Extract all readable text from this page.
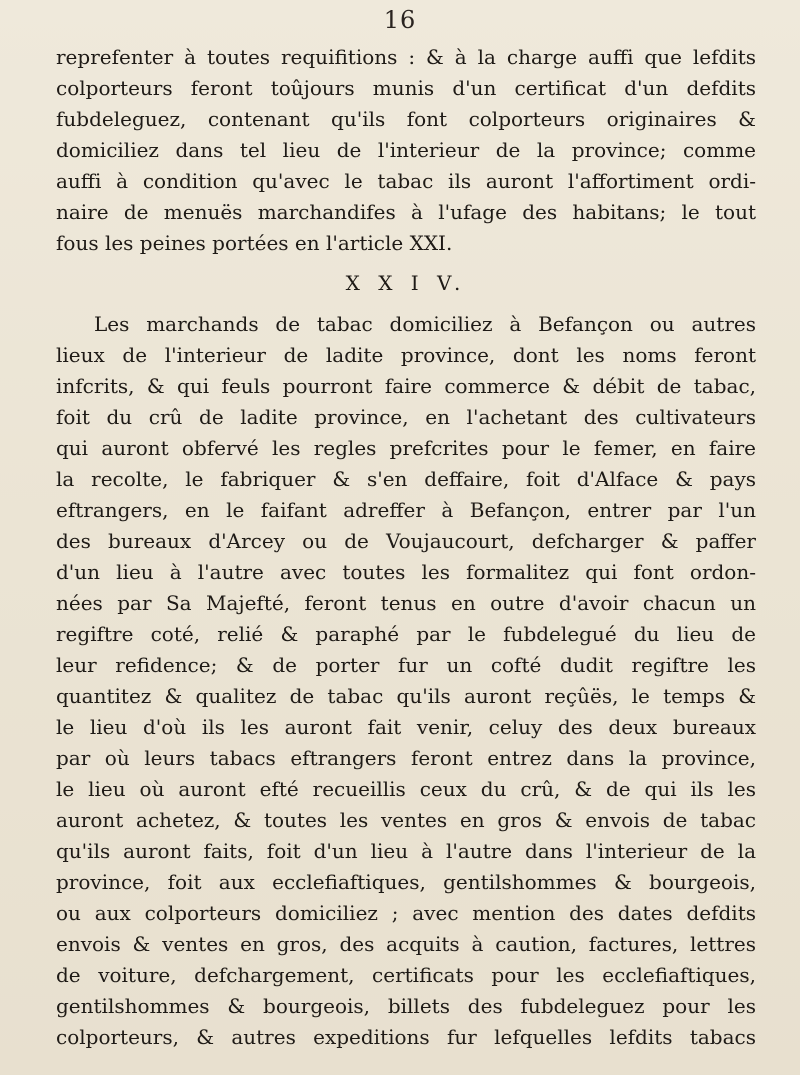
16
reprefenter à toutes requifitions : & à la charge auffi que lefdits
colporteurs feront toûjours munis d'un certificat d'un defdits
fubdeleguez, contenant qu'ils font colporteurs originaires &
domiciliez dans tel lieu de l'interieur de la province; comme
auffi à condition qu'avec le tabac ils auront l'affortiment ordi-
naire de menuës marchandifes à l'ufage des habitans; le tout
fous les peines portées en l'article XXI.
X X I V.
Les marchands de tabac domiciliez à Befançon ou autres
lieux de l'interieur de ladite province, dont les noms feront
infcrits, & qui feuls pourront faire commerce & débit de tabac,
foit du crû de ladite province, en l'achetant des cultivateurs
qui auront obfervé les regles prefcrites pour le femer, en faire
la recolte, le fabriquer & s'en deffaire, foit d'Alface & pays
eftrangers, en le faifant adreffer à Befançon, entrer par l'un
des bureaux d'Arcey ou de Voujaucourt, defcharger & paffer
d'un lieu à l'autre avec toutes les formalitez qui font ordon-
nées par Sa Majefté, feront tenus en outre d'avoir chacun un
regiftre coté, relié & paraphé par le fubdelegué du lieu de
leur refidence; & de porter fur un cofté dudit regiftre les
quantitez & qualitez de tabac qu'ils auront reçûës, le temps &
le lieu d'où ils les auront fait venir, celuy des deux bureaux
par où leurs tabacs eftrangers feront entrez dans la province,
le lieu où auront efté recueillis ceux du crû, & de qui ils les
auront achetez, & toutes les ventes en gros & envois de tabac
qu'ils auront faits, foit d'un lieu à l'autre dans l'interieur de la
province, foit aux ecclefiaftiques, gentilshommes & bourgeois,
ou aux colporteurs domiciliez ; avec mention des dates defdits
envois & ventes en gros, des acquits à caution, factures, lettres
de voiture, defchargement, certificats pour les ecclefiaftiques,
gentilshommes & bourgeois, billets des fubdeleguez pour les
colporteurs, & autres expeditions fur lefquelles lefdits tabacs
